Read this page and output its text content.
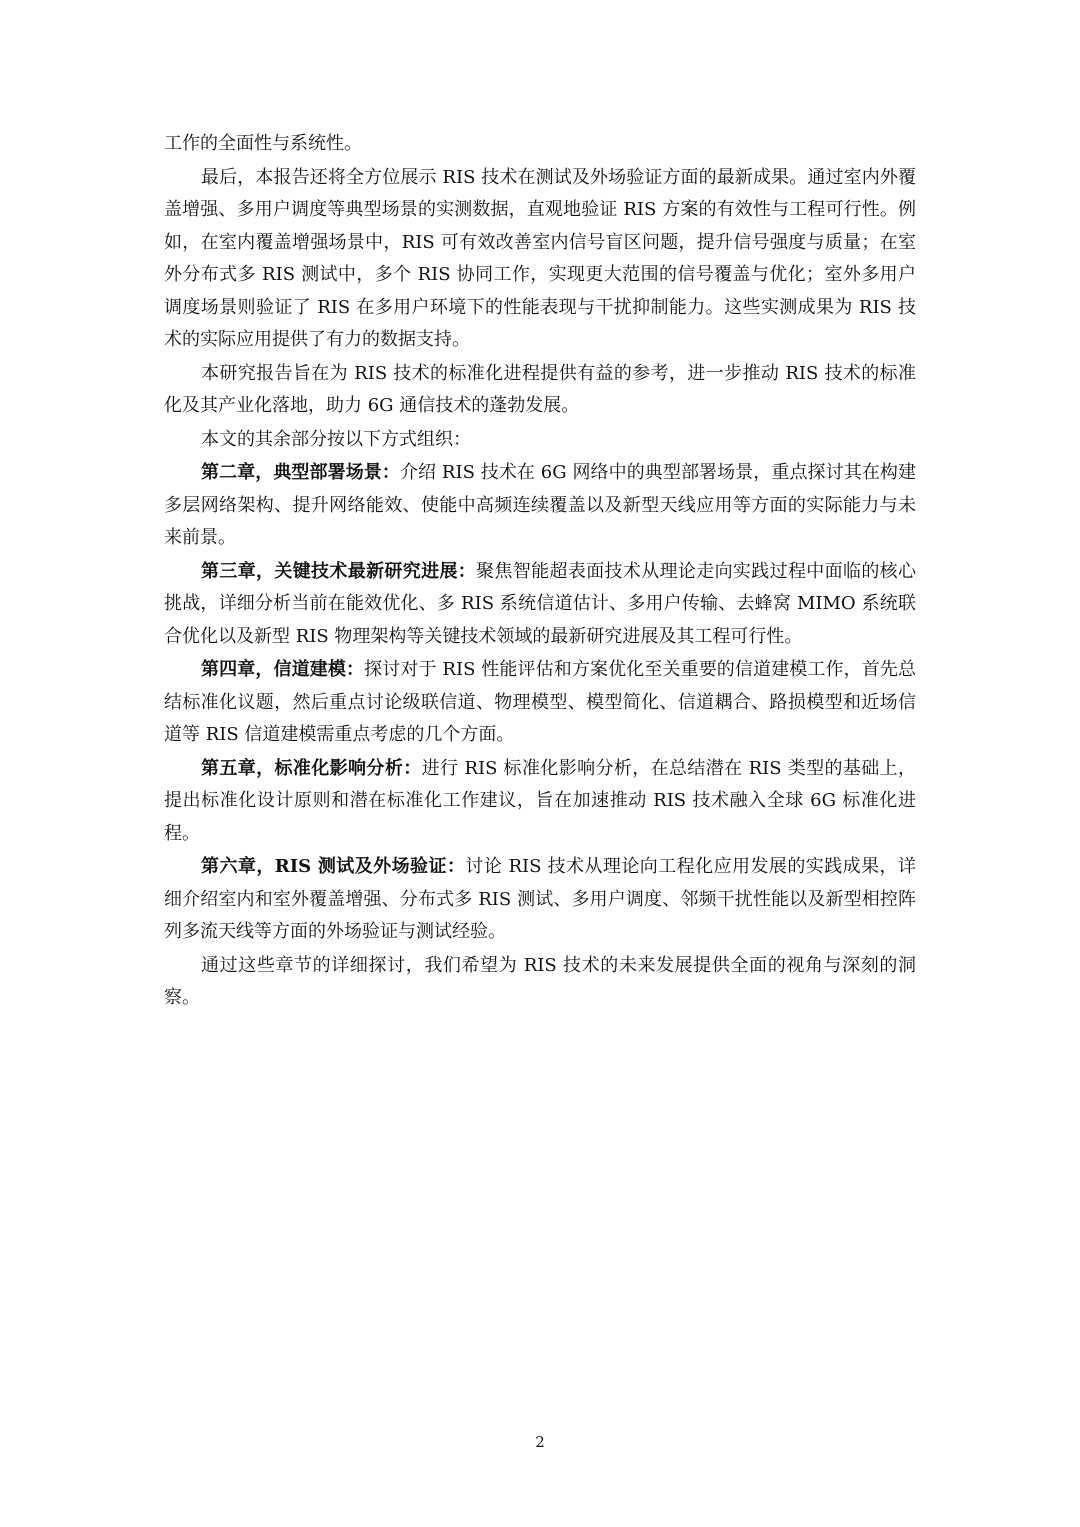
工作的全面性与系统性。

最后，本报告还将全方位展示 RIS 技术在测试及外场验证方面的最新成果。通过室内外覆盖增强、多用户调度等典型场景的实测数据，直观地验证 RIS 方案的有效性与工程可行性。例如，在室内覆盖增强场景中，RIS 可有效改善室内信号盲区问题，提升信号强度与质量；在室外分布式多 RIS 测试中，多个 RIS 协同工作，实现更大范围的信号覆盖与优化；室外多用户调度场景则验证了 RIS 在多用户环境下的性能表现与干扰抑制能力。这些实测成果为 RIS 技术的实际应用提供了有力的数据支持。

本研究报告旨在为 RIS 技术的标准化进程提供有益的参考，进一步推动 RIS 技术的标准化及其产业化落地，助力 6G 通信技术的蓬勃发展。

本文的其余部分按以下方式组织：

第二章，典型部署场景：介绍 RIS 技术在 6G 网络中的典型部署场景，重点探讨其在构建多层网络架构、提升网络能效、使能中高频连续覆盖以及新型天线应用等方面的实际能力与未来前景。

第三章，关键技术最新研究进展：聚焦智能超表面技术从理论走向实践过程中面临的核心挑战，详细分析当前在能效优化、多 RIS 系统信道估计、多用户传输、去蜂窝 MIMO 系统联合优化以及新型 RIS 物理架构等关键技术领域的最新研究进展及其工程可行性。

第四章，信道建模：探讨对于 RIS 性能评估和方案优化至关重要的信道建模工作，首先总结标准化议题，然后重点讨论级联信道、物理模型、模型简化、信道耦合、路损模型和近场信道等 RIS 信道建模需重点考虑的几个方面。

第五章，标准化影响分析：进行 RIS 标准化影响分析，在总结潜在 RIS 类型的基础上，提出标准化设计原则和潜在标准化工作建议，旨在加速推动 RIS 技术融入全球 6G 标准化进程。

第六章，RIS 测试及外场验证：讨论 RIS 技术从理论向工程化应用发展的实践成果，详细介绍室内和室外覆盖增强、分布式多 RIS 测试、多用户调度、邻频干扰性能以及新型相控阵列多流天线等方面的外场验证与测试经验。

通过这些章节的详细探讨，我们希望为 RIS 技术的未来发展提供全面的视角与深刻的洞察。

2
